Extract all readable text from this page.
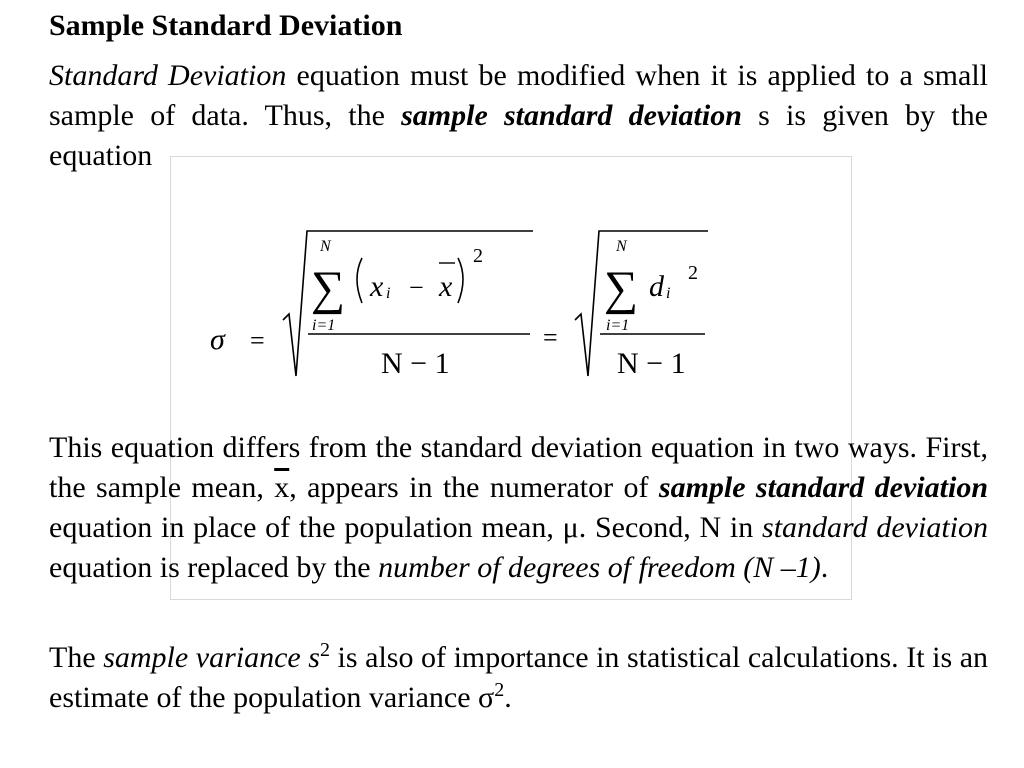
Sample Standard Deviation

Standard Deviation equation must be modified when it is applied to a small sample of data. Thus, the sample standard deviation s is given by the equation

σ =
N
∑
i=1
x i − x
2
N − 1
=
N
∑
i=1
d i
2
N − 1

This equation differs from the standard deviation equation in two ways. First, the sample mean, $\overline{x}$, appears in the numerator of sample standard deviation equation in place of the population mean, μ. Second, N in standard deviation equation is replaced by the number of degrees of freedom (N –1).

The sample variance $s^2$ is also of importance in statistical calculations. It is an estimate of the population variance $\sigma^2$.
